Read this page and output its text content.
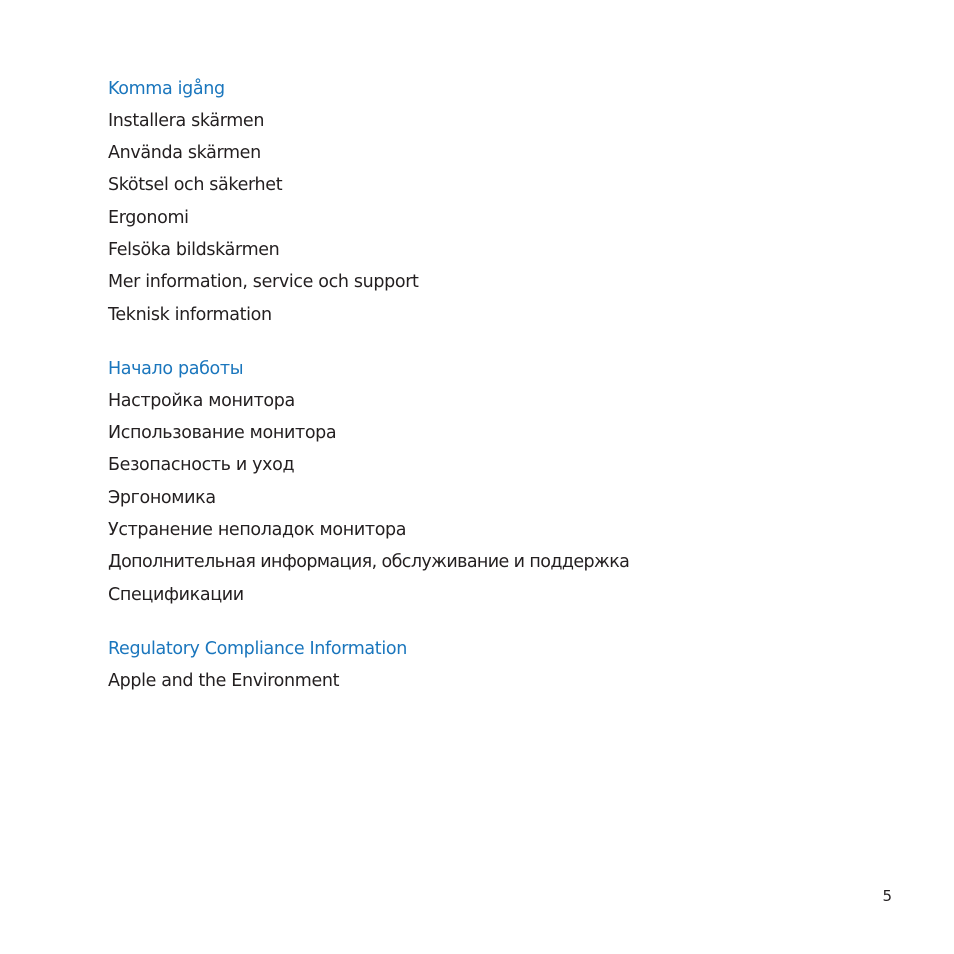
Komma igång
Installera skärmen
Använda skärmen
Skötsel och säkerhet
Ergonomi
Felsöka bildskärmen
Mer information, service och support
Teknisk information
Начало работы
Настройка монитора
Использование монитора
Безопасность и уход
Эргономика
Устранение неполадок монитора
Дополнительная информация, обслуживание и поддержка
Спецификации
Regulatory Compliance Information
Apple and the Environment
5
